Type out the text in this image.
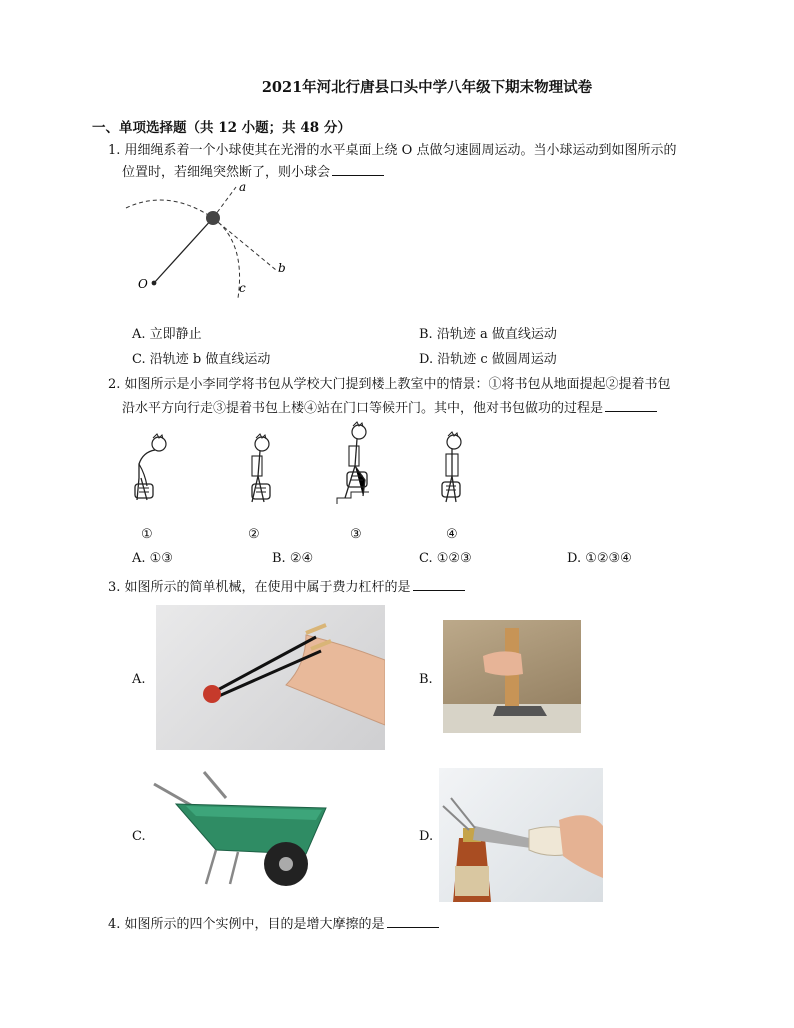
2021年河北行唐县口头中学八年级下期末物理试卷
一、单项选择题（共 12 小题；共 48 分）
1. 用细绳系着一个小球使其在光滑的水平桌面上绕 O 点做匀速圆周运动。当小球运动到如图所示的
位置时，若细绳突然断了，则小球会
a
b
c
O
A. 立即静止	B. 沿轨迹 a 做直线运动
C. 沿轨迹 b 做直线运动	D. 沿轨迹 c 做圆周运动
2. 如图所示是小李同学将书包从学校大门提到楼上教室中的情景：①将书包从地面提起②提着书包
沿水平方向行走③提着书包上楼④站在门口等候开门。其中，他对书包做功的过程是
①	②	③	④
A. ①③	B. ②④	C. ①②③	D. ①②③④
3. 如图所示的简单机械，在使用中属于费力杠杆的是
A.	B.
C.	D.
4. 如图所示的四个实例中，目的是增大摩擦的是
